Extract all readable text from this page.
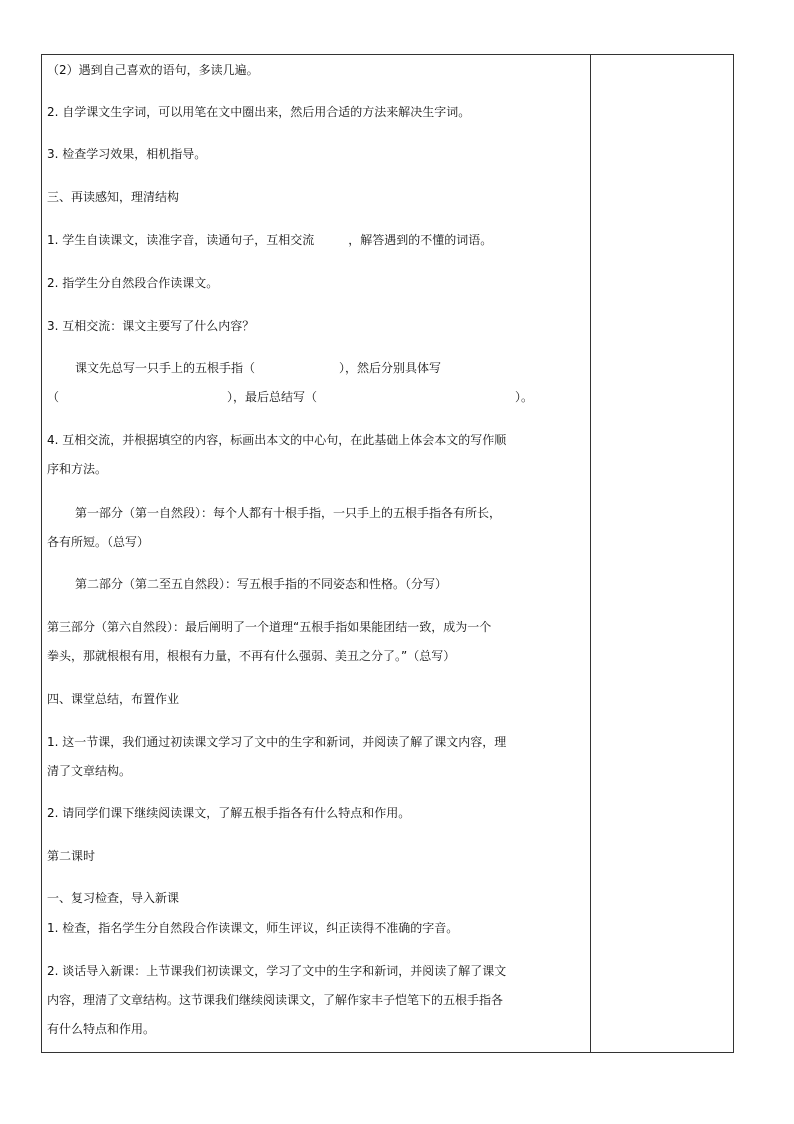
（2）遇到自己喜欢的语句，多读几遍。
2. 自学课文生字词，可以用笔在文中圈出来，然后用合适的方法来解决生字词。
3. 检查学习效果，相机指导。
三、再读感知，理清结构
1. 学生自读课文，读准字音，读通句子，互相交流	，解答遇到的不懂的词语。
2. 指学生分自然段合作读课文。
3. 互相交流：课文主要写了什么内容？
课文先总写一只手上的五根手指（	），然后分别具体写
（	），最后总结写（	）。
4. 互相交流，并根据填空的内容，标画出本文的中心句，在此基础上体会本文的写作顺
序和方法。
第一部分（第一自然段）：每个人都有十根手指，一只手上的五根手指各有所长，
各有所短。（总写）
第二部分（第二至五自然段）：写五根手指的不同姿态和性格。（分写）
第三部分（第六自然段）：最后阐明了一个道理“五根手指如果能团结一致，成为一个
拳头，那就根根有用，根根有力量，不再有什么强弱、美丑之分了。”（总写）
四、课堂总结，布置作业
1. 这一节课，我们通过初读课文学习了文中的生字和新词，并阅读了解了课文内容，理
清了文章结构。
2. 请同学们课下继续阅读课文，了解五根手指各有什么特点和作用。
第二课时
一、复习检查，导入新课
1. 检查，指名学生分自然段合作读课文，师生评议，纠正读得不准确的字音。
2. 谈话导入新课：上节课我们初读课文，学习了文中的生字和新词，并阅读了解了课文
内容，理清了文章结构。这节课我们继续阅读课文，了解作家丰子恺笔下的五根手指各
有什么特点和作用。
